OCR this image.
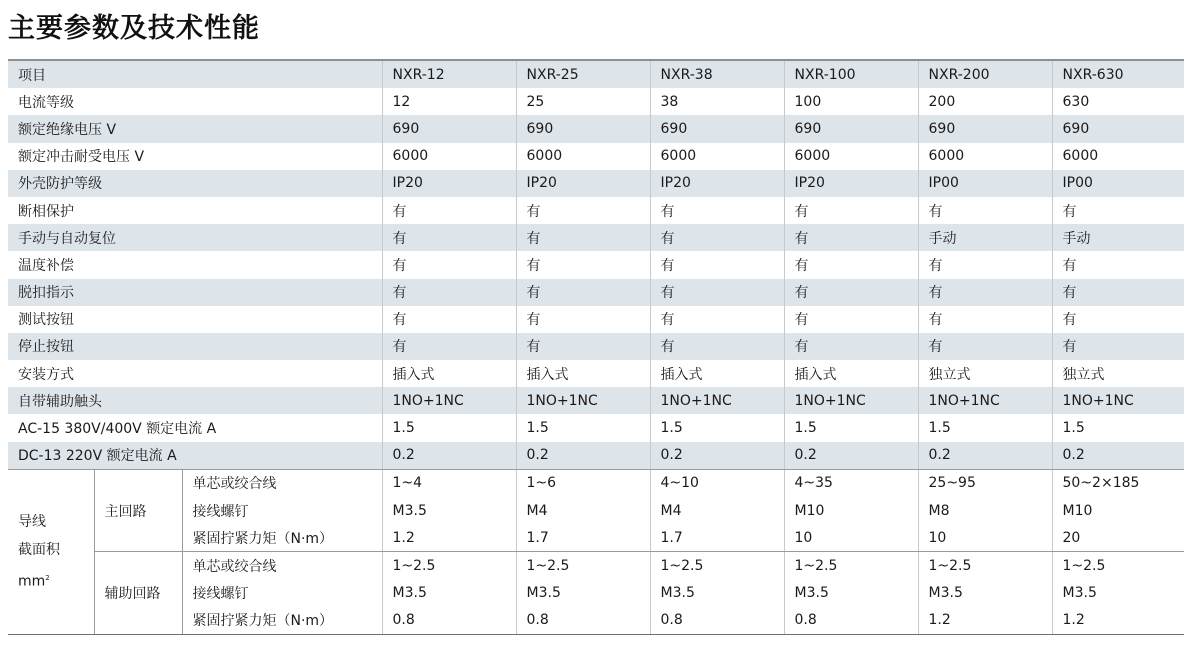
主要参数及技术性能
项目			NXR-12	NXR-25	NXR-38	NXR-100	NXR-200	NXR-630
电流等级			12	25	38	100	200	630
额定绝缘电压 V			690	690	690	690	690	690
额定冲击耐受电压 V			6000	6000	6000	6000	6000	6000
外壳防护等级			IP20	IP20	IP20	IP20	IP00	IP00
断相保护			有	有	有	有	有	有
手动与自动复位			有	有	有	有	手动	手动
温度补偿			有	有	有	有	有	有
脱扣指示			有	有	有	有	有	有
测试按钮			有	有	有	有	有	有
停止按钮			有	有	有	有	有	有
安装方式			插入式	插入式	插入式	插入式	独立式	独立式
自带辅助触头			1NO+1NC	1NO+1NC	1NO+1NC	1NO+1NC	1NO+1NC	1NO+1NC
AC-15 380V/400V 额定电流 A			1.5	1.5	1.5	1.5	1.5	1.5
DC-13 220V 额定电流 A			0.2	0.2	0.2	0.2	0.2	0.2

导线
截面积
$mm^2$	主回路	单芯或绞合线	1~4	1~6	4~10	4~35	25~95	50~2×185
		接线螺钉	M3.5	M4	M4	M10	M8	M10
		紧固拧紧力矩（N·m）	1.2	1.7	1.7	10	10	20
	辅助回路	单芯或绞合线	1~2.5	1~2.5	1~2.5	1~2.5	1~2.5	1~2.5
		接线螺钉	M3.5	M3.5	M3.5	M3.5	M3.5	M3.5
		紧固拧紧力矩（N·m）	0.8	0.8	0.8	0.8	1.2	1.2
